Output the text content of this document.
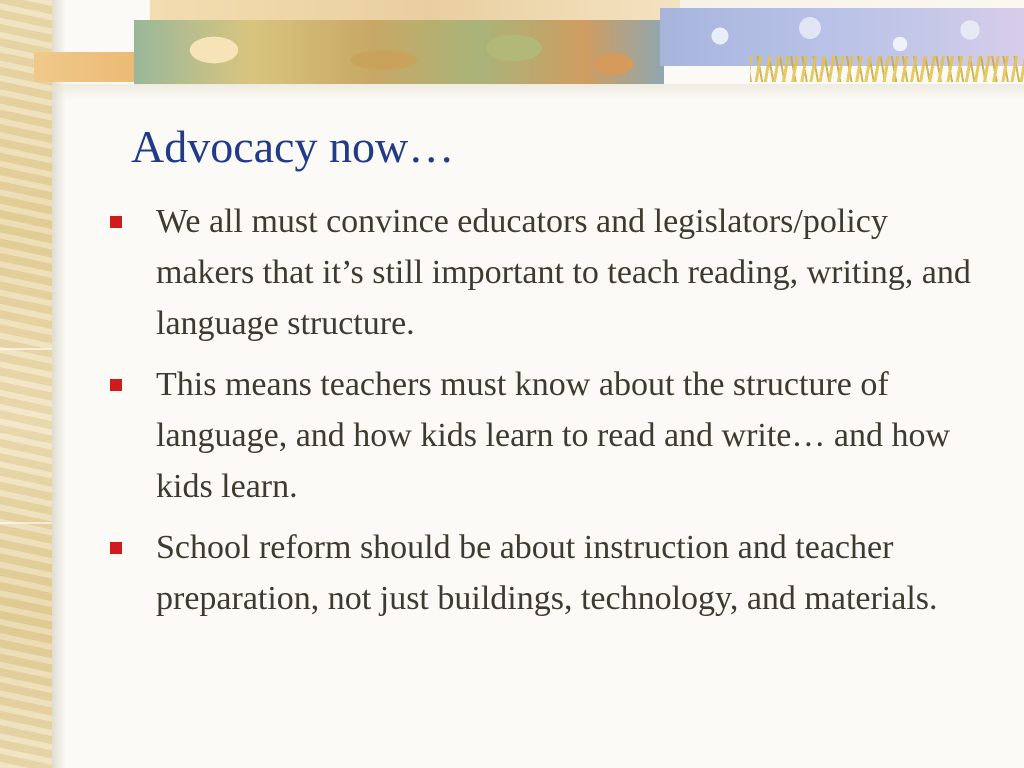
Advocacy now…
We all must convince educators and legislators/policy makers that it’s still important to teach reading, writing, and language structure.
This means teachers must know about the structure of language, and how kids learn to read and write… and how kids learn.
School reform should be about instruction and teacher preparation, not just buildings, technology, and materials.
